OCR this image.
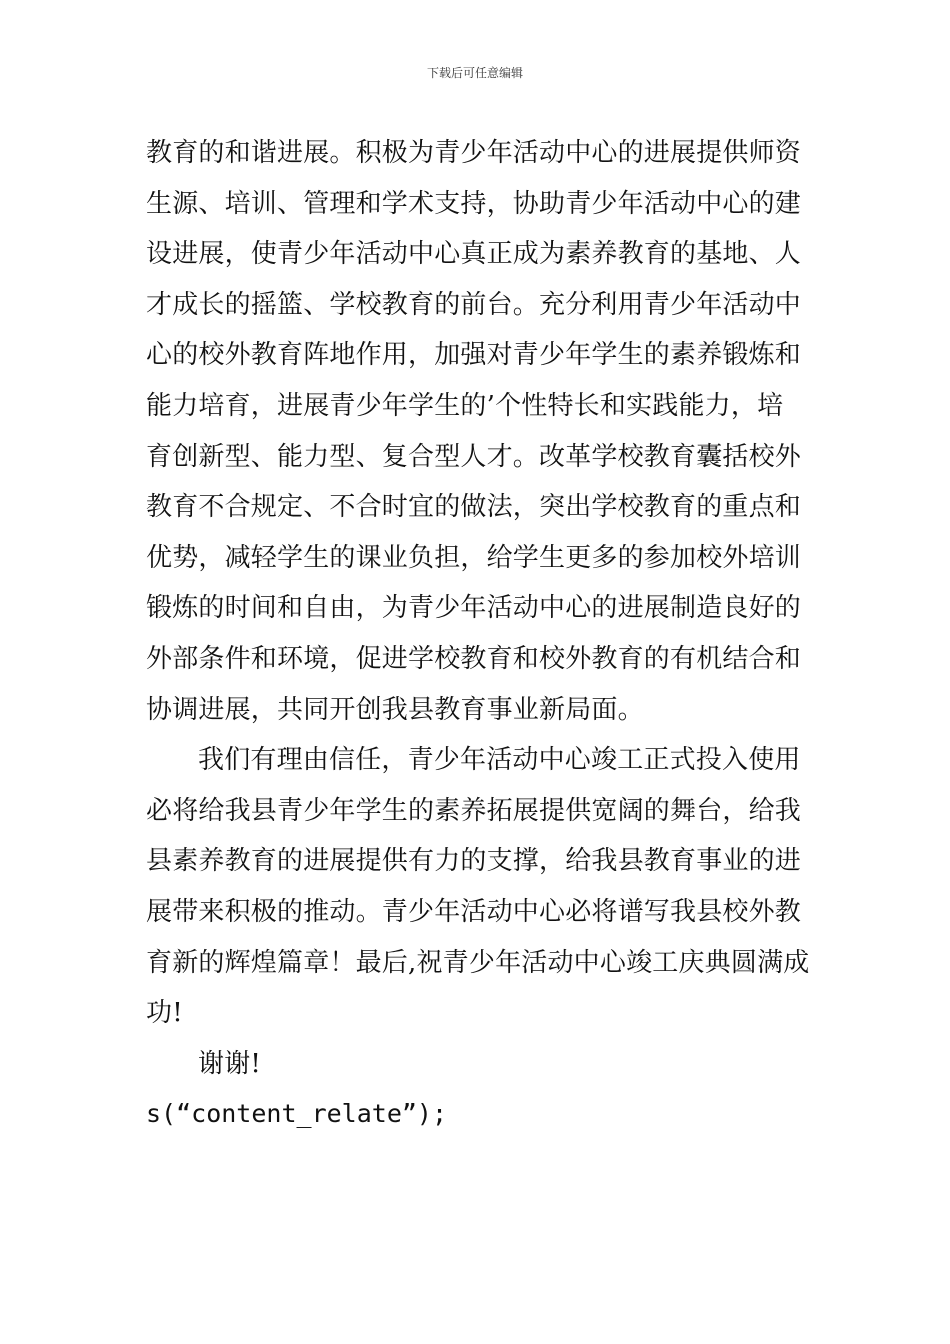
下载后可任意编辑
教育的和谐进展。积极为青少年活动中心的进展提供师资
生源、培训、管理和学术支持，协助青少年活动中心的建
设进展，使青少年活动中心真正成为素养教育的基地、人
才成长的摇篮、学校教育的前台。充分利用青少年活动中
心的校外教育阵地作用，加强对青少年学生的素养锻炼和
能力培育，进展青少年学生的’个性特长和实践能力，培
育创新型、能力型、复合型人才。改革学校教育囊括校外
教育不合规定、不合时宜的做法，突出学校教育的重点和
优势，减轻学生的课业负担，给学生更多的参加校外培训
锻炼的时间和自由，为青少年活动中心的进展制造良好的
外部条件和环境，促进学校教育和校外教育的有机结合和
协调进展，共同开创我县教育事业新局面。
我们有理由信任，青少年活动中心竣工正式投入使用
必将给我县青少年学生的素养拓展提供宽阔的舞台，给我
县素养教育的进展提供有力的支撑，给我县教育事业的进
展带来积极的推动。青少年活动中心必将谱写我县校外教
育新的辉煌篇章！最后,祝青少年活动中心竣工庆典圆满成
功!
谢谢!
s(“content_relate”);
